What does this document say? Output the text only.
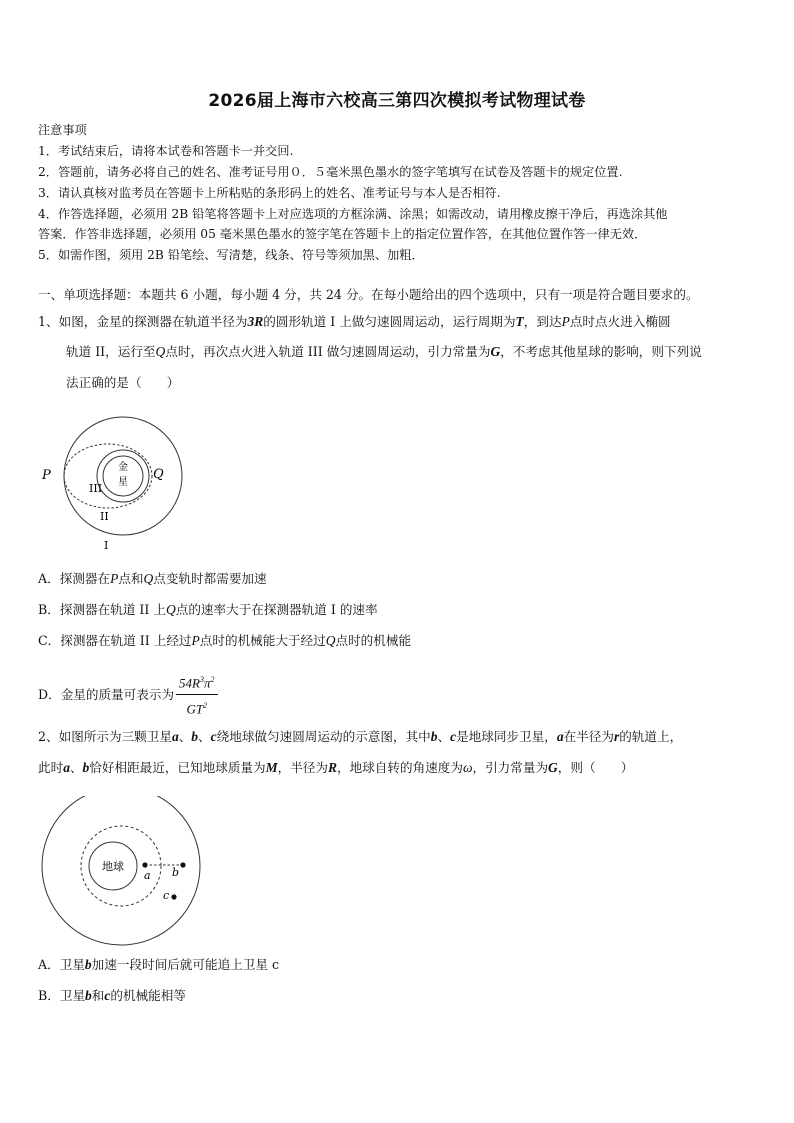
2026届上海市六校高三第四次模拟考试物理试卷
注意事项
1．考试结束后，请将本试卷和答题卡一并交回.
2．答题前，请务必将自己的姓名、准考证号用０．５毫米黑色墨水的签字笔填写在试卷及答题卡的规定位置.
3．请认真核对监考员在答题卡上所粘贴的条形码上的姓名、准考证号与本人是否相符.
4．作答选择题，必须用 2B 铅笔将答题卡上对应选项的方框涂满、涂黑；如需改动，请用橡皮擦干净后，再选涂其他
答案．作答非选择题，必须用 05 毫米黑色墨水的签字笔在答题卡上的指定位置作答，在其他位置作答一律无效．
5．如需作图，须用 2B 铅笔绘、写清楚，线条、符号等须加黑、加粗．
一、单项选择题：本题共 6 小题，每小题 4 分，共 24 分。在每小题给出的四个选项中，只有一项是符合题目要求的。
1、如图，金星的探测器在轨道半径为3R的圆形轨道 I 上做匀速圆周运动，运行周期为T，到达P点时点火进入椭圆
轨道 II，运行至Q点时，再次点火进入轨道 III 做匀速圆周运动，引力常量为G，不考虑其他星球的影响，则下列说
法正确的是（　　）
金
星
P	Q
III
II
I
A．探测器在P点和Q点变轨时都需要加速
B．探测器在轨道 II 上Q点的速率大于在探测器轨道 I 的速率
C．探测器在轨道 II 上经过P点时的机械能大于经过Q点时的机械能
D．金星的质量可表示为 $\frac{54R^3\pi^2}{GT^2}$
2、如图所示为三颗卫星a、b、c绕地球做匀速圆周运动的示意图，其中b、c是地球同步卫星，a在半径为r的轨道上，
此时a、b恰好相距最近，已知地球质量为M，半径为R，地球自转的角速度为ω，引力常量为G，则（　　）
地球
a b
c
A．卫星b加速一段时间后就可能追上卫星 c
B．卫星b和c的机械能相等
